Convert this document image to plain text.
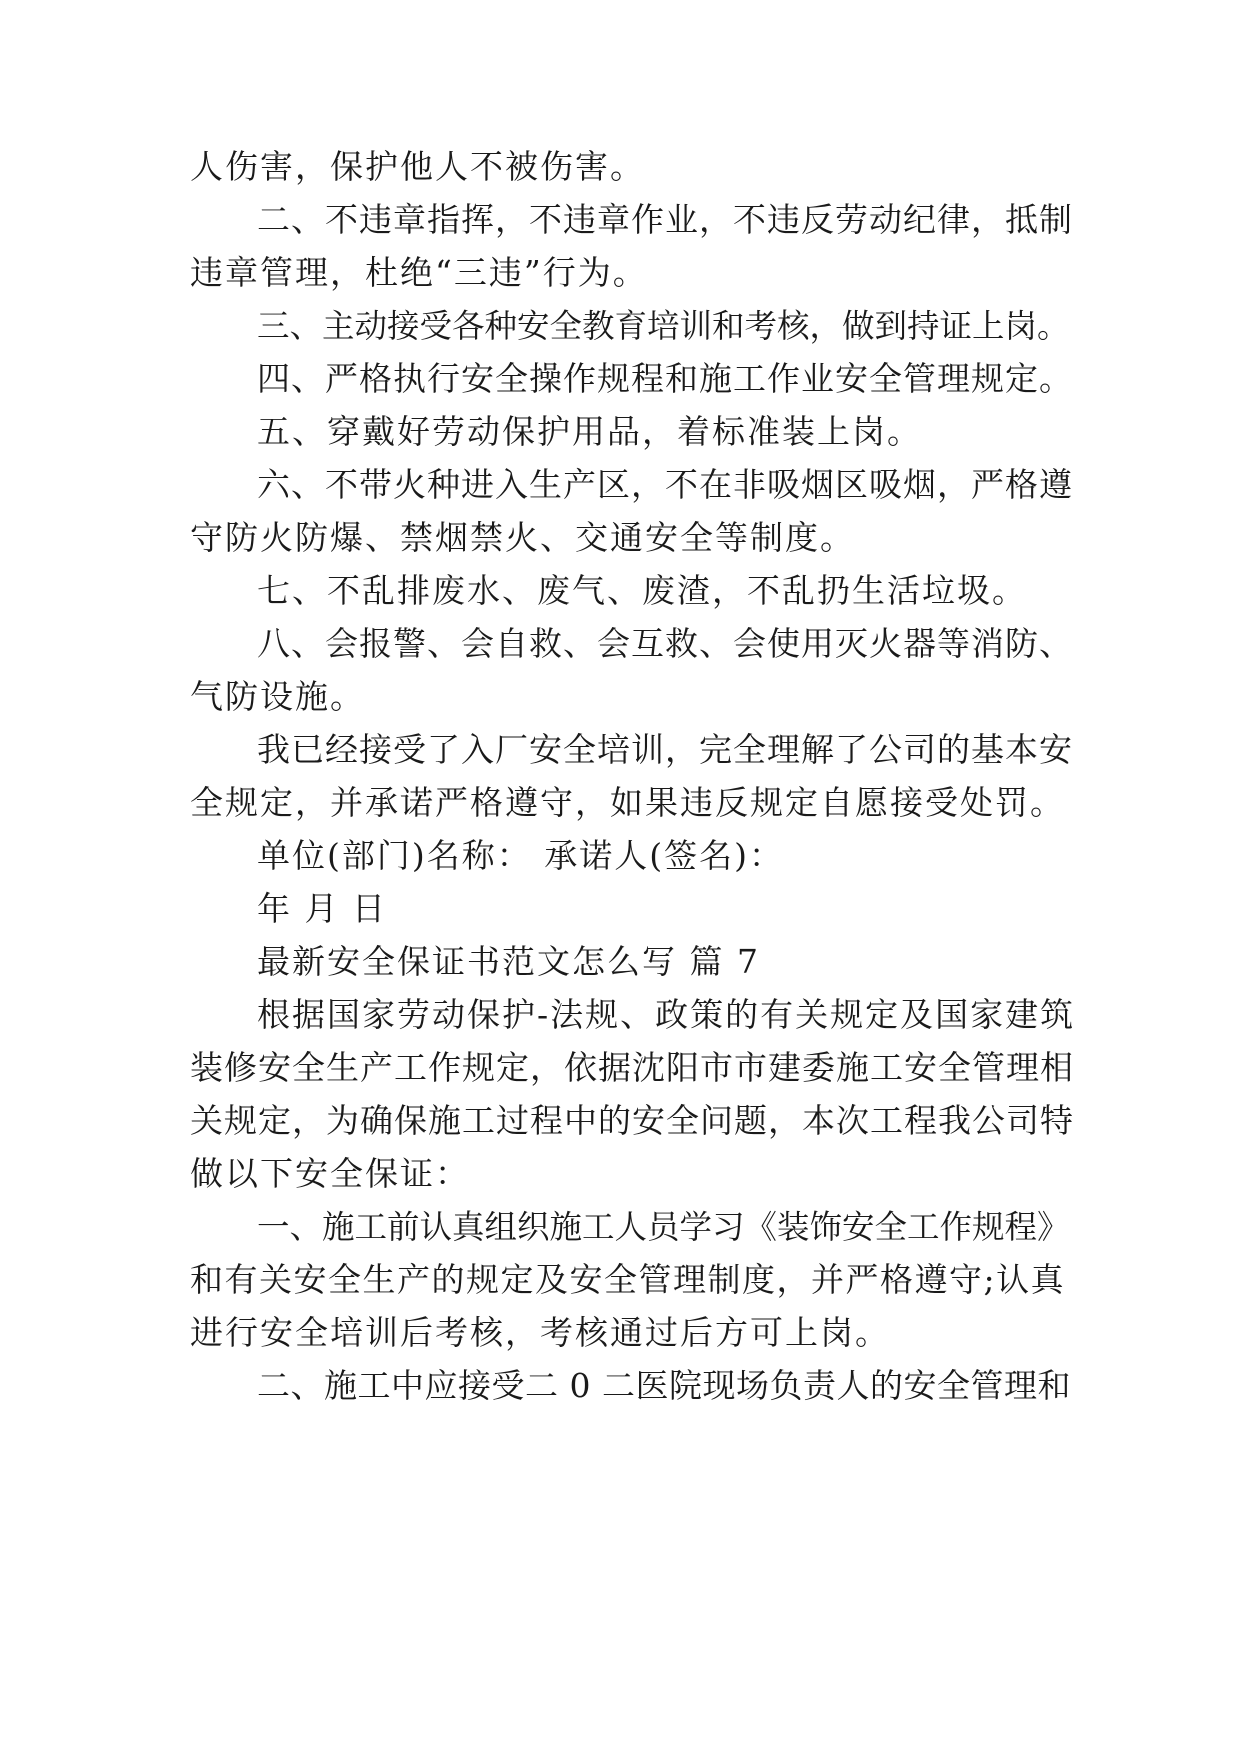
人伤害，保护他人不被伤害。
二、不违章指挥，不违章作业，不违反劳动纪律，抵制
违章管理，杜绝“三违”行为。
三、主动接受各种安全教育培训和考核，做到持证上岗。
四、严格执行安全操作规程和施工作业安全管理规定。
五、穿戴好劳动保护用品，着标准装上岗。
六、不带火种进入生产区，不在非吸烟区吸烟，严格遵
守防火防爆、禁烟禁火、交通安全等制度。
七、不乱排废水、废气、废渣，不乱扔生活垃圾。
八、会报警、会自救、会互救、会使用灭火器等消防、
气防设施。
我已经接受了入厂安全培训，完全理解了公司的基本安
全规定，并承诺严格遵守，如果违反规定自愿接受处罚。
单位(部门)名称： 承诺人(签名)：
年 月 日
最新安全保证书范文怎么写 篇 7
根据国家劳动保护-法规、政策的有关规定及国家建筑
装修安全生产工作规定，依据沈阳市市建委施工安全管理相
关规定，为确保施工过程中的安全问题，本次工程我公司特
做以下安全保证：
一、施工前认真组织施工人员学习《装饰安全工作规程》
和有关安全生产的规定及安全管理制度，并严格遵守;认真
进行安全培训后考核，考核通过后方可上岗。
二、施工中应接受二 0 二医院现场负责人的安全管理和
